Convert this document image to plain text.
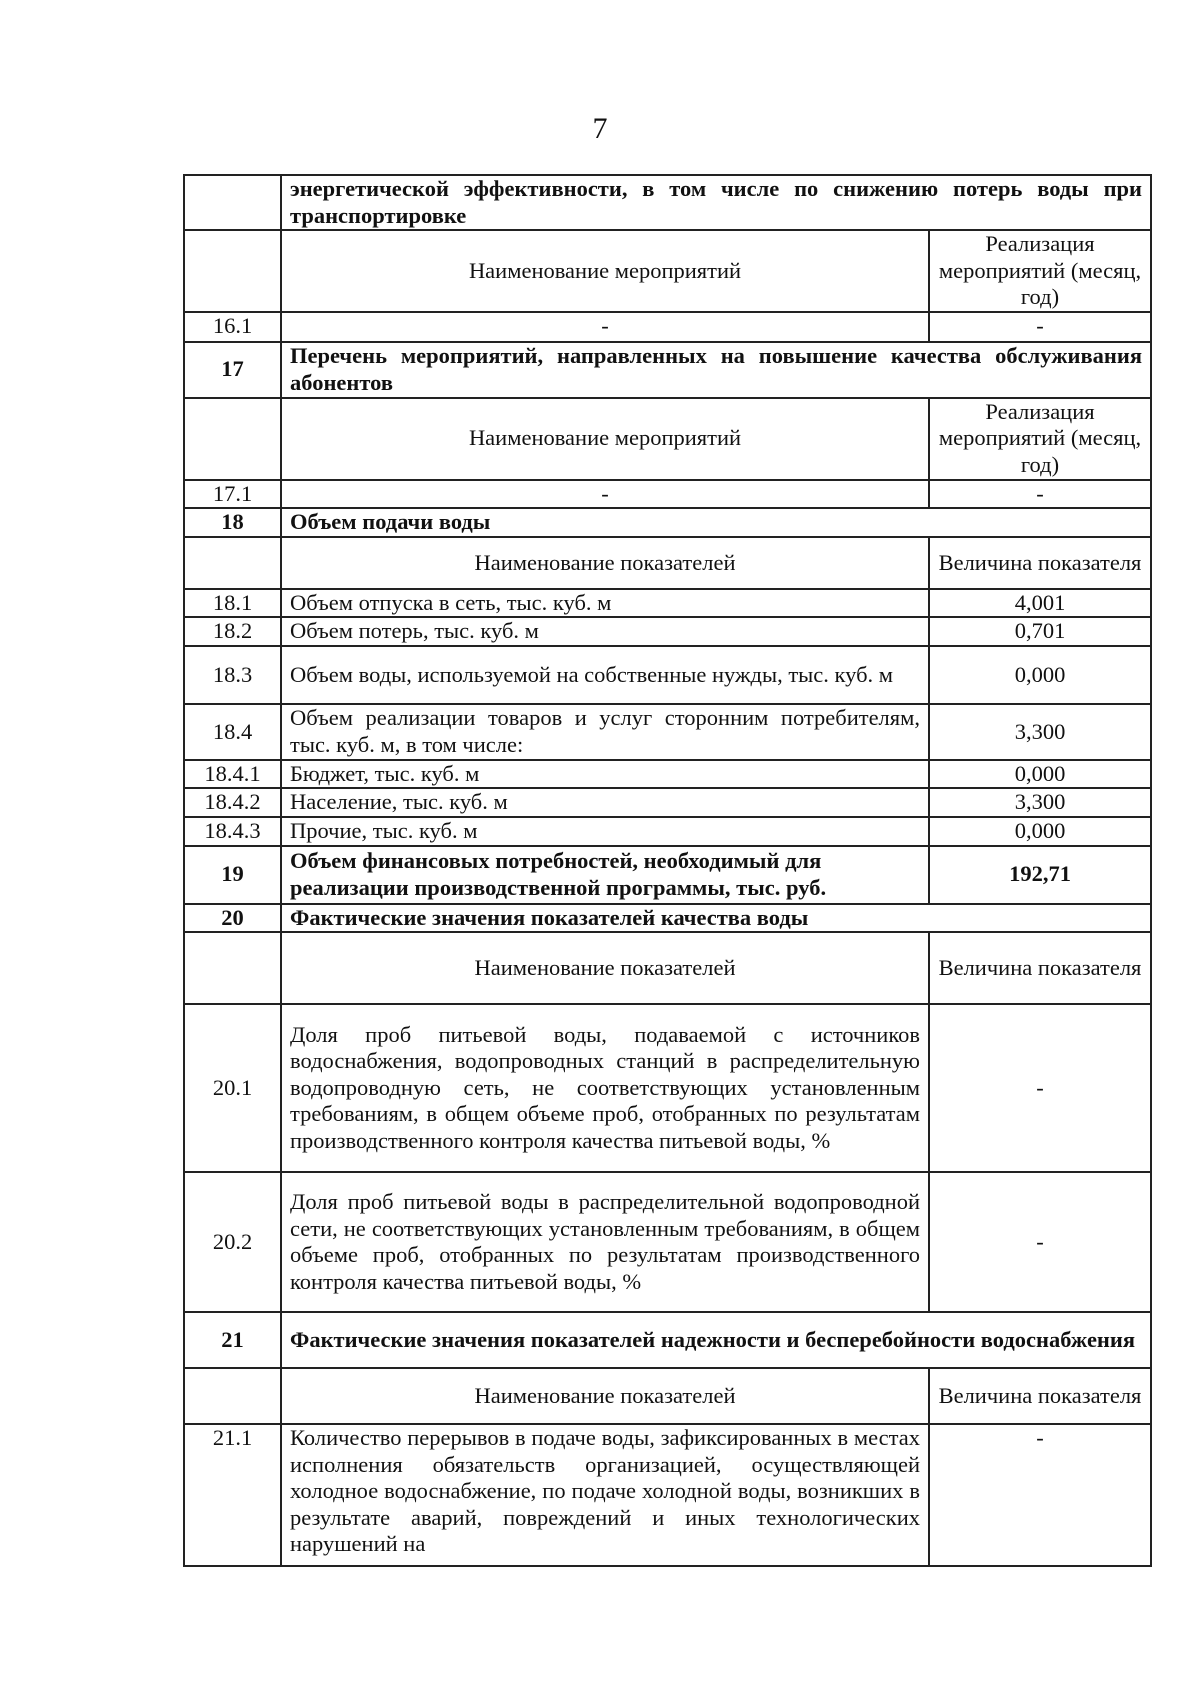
7
	энергетической эффективности, в том числе по снижению потерь воды при транспортировке	
	Наименование мероприятий	Реализация мероприятий (месяц, год)
16.1	-	-
17	Перечень мероприятий, направленных на повышение качества обслуживания абонентов	
	Наименование мероприятий	Реализация мероприятий (месяц, год)
17.1	-	-
18	Объем подачи воды	
	Наименование показателей	Величина показателя
18.1	Объем отпуска в сеть, тыс. куб. м	4,001
18.2	Объем потерь, тыс. куб. м	0,701
18.3	Объем воды, используемой на собственные нужды, тыс. куб. м	0,000
18.4	Объем реализации товаров и услуг сторонним потребителям, тыс. куб. м, в том числе:	3,300
18.4.1	Бюджет, тыс. куб. м	0,000
18.4.2	Население, тыс. куб. м	3,300
18.4.3	Прочие, тыс. куб. м	0,000
19	Объем финансовых потребностей, необходимый для реализации производственной программы, тыс. руб.	192,71
20	Фактические значения показателей качества воды	
	Наименование показателей	Величина показателя
20.1	Доля проб питьевой воды, подаваемой с источников водоснабжения, водопроводных станций в распределительную водопроводную сеть, не соответствующих установленным требованиям, в общем объеме проб, отобранных по результатам производственного контроля качества питьевой воды, %	-
20.2	Доля проб питьевой воды в распределительной водопроводной сети, не соответствующих установленным требованиям, в общем объеме проб, отобранных по результатам производственного контроля качества питьевой воды, %	-
21	Фактические значения показателей надежности и бесперебойности водоснабжения	
	Наименование показателей	Величина показателя
21.1	Количество перерывов в подаче воды, зафиксированных в местах исполнения обязательств организацией, осуществляющей холодное водоснабжение, по подаче холодной воды, возникших в результате аварий, повреждений и иных технологических нарушений на	-
